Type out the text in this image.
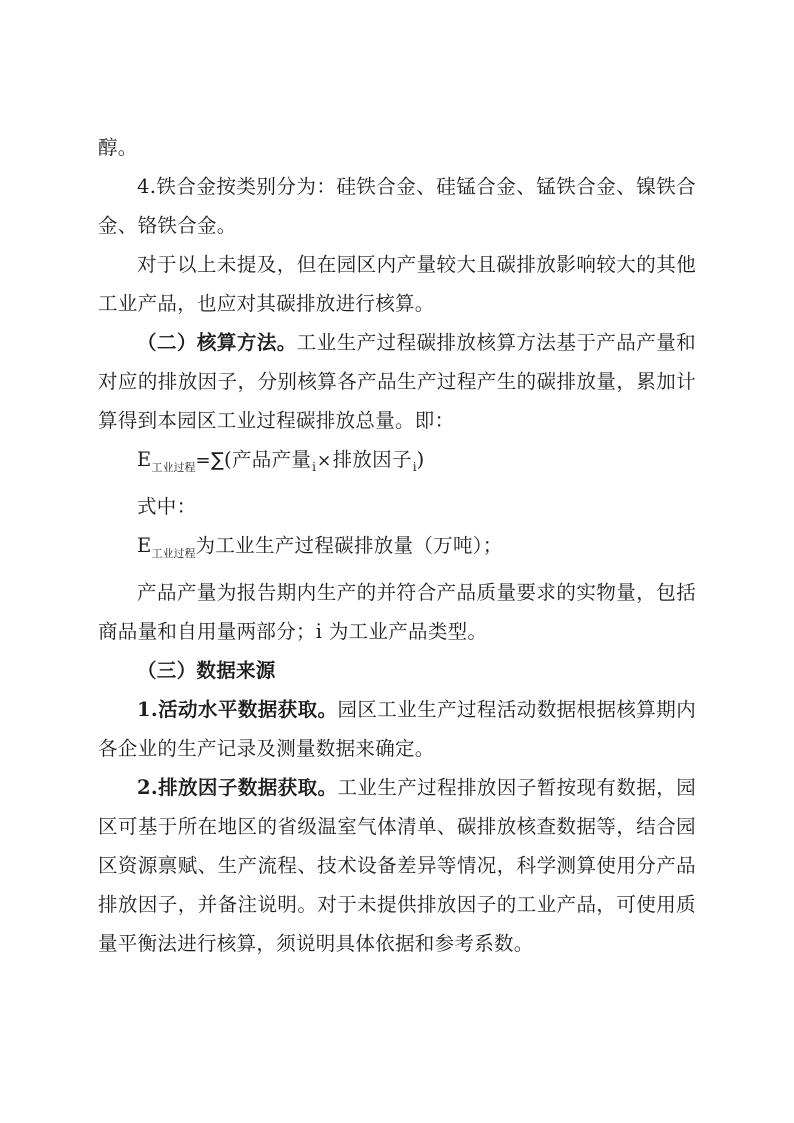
醇。

4.铁合金按类别分为：硅铁合金、硅锰合金、锰铁合金、镍铁合金、铬铁合金。

对于以上未提及，但在园区内产量较大且碳排放影响较大的其他工业产品，也应对其碳排放进行核算。

（二）核算方法。工业生产过程碳排放核算方法基于产品产量和对应的排放因子，分别核算各产品生产过程产生的碳排放量，累加计算得到本园区工业过程碳排放总量。即：

$E_{工业过程}=\sum$(产品产量$_i$×排放因子$_i$)

式中：

$E_{工业过程}$为工业生产过程碳排放量（万吨）；

产品产量为报告期内生产的并符合产品质量要求的实物量，包括商品量和自用量两部分；i 为工业产品类型。

（三）数据来源

1.活动水平数据获取。园区工业生产过程活动数据根据核算期内各企业的生产记录及测量数据来确定。

2.排放因子数据获取。工业生产过程排放因子暂按现有数据，园区可基于所在地区的省级温室气体清单、碳排放核查数据等，结合园区资源禀赋、生产流程、技术设备差异等情况，科学测算使用分产品排放因子，并备注说明。对于未提供排放因子的工业产品，可使用质量平衡法进行核算，须说明具体依据和参考系数。
